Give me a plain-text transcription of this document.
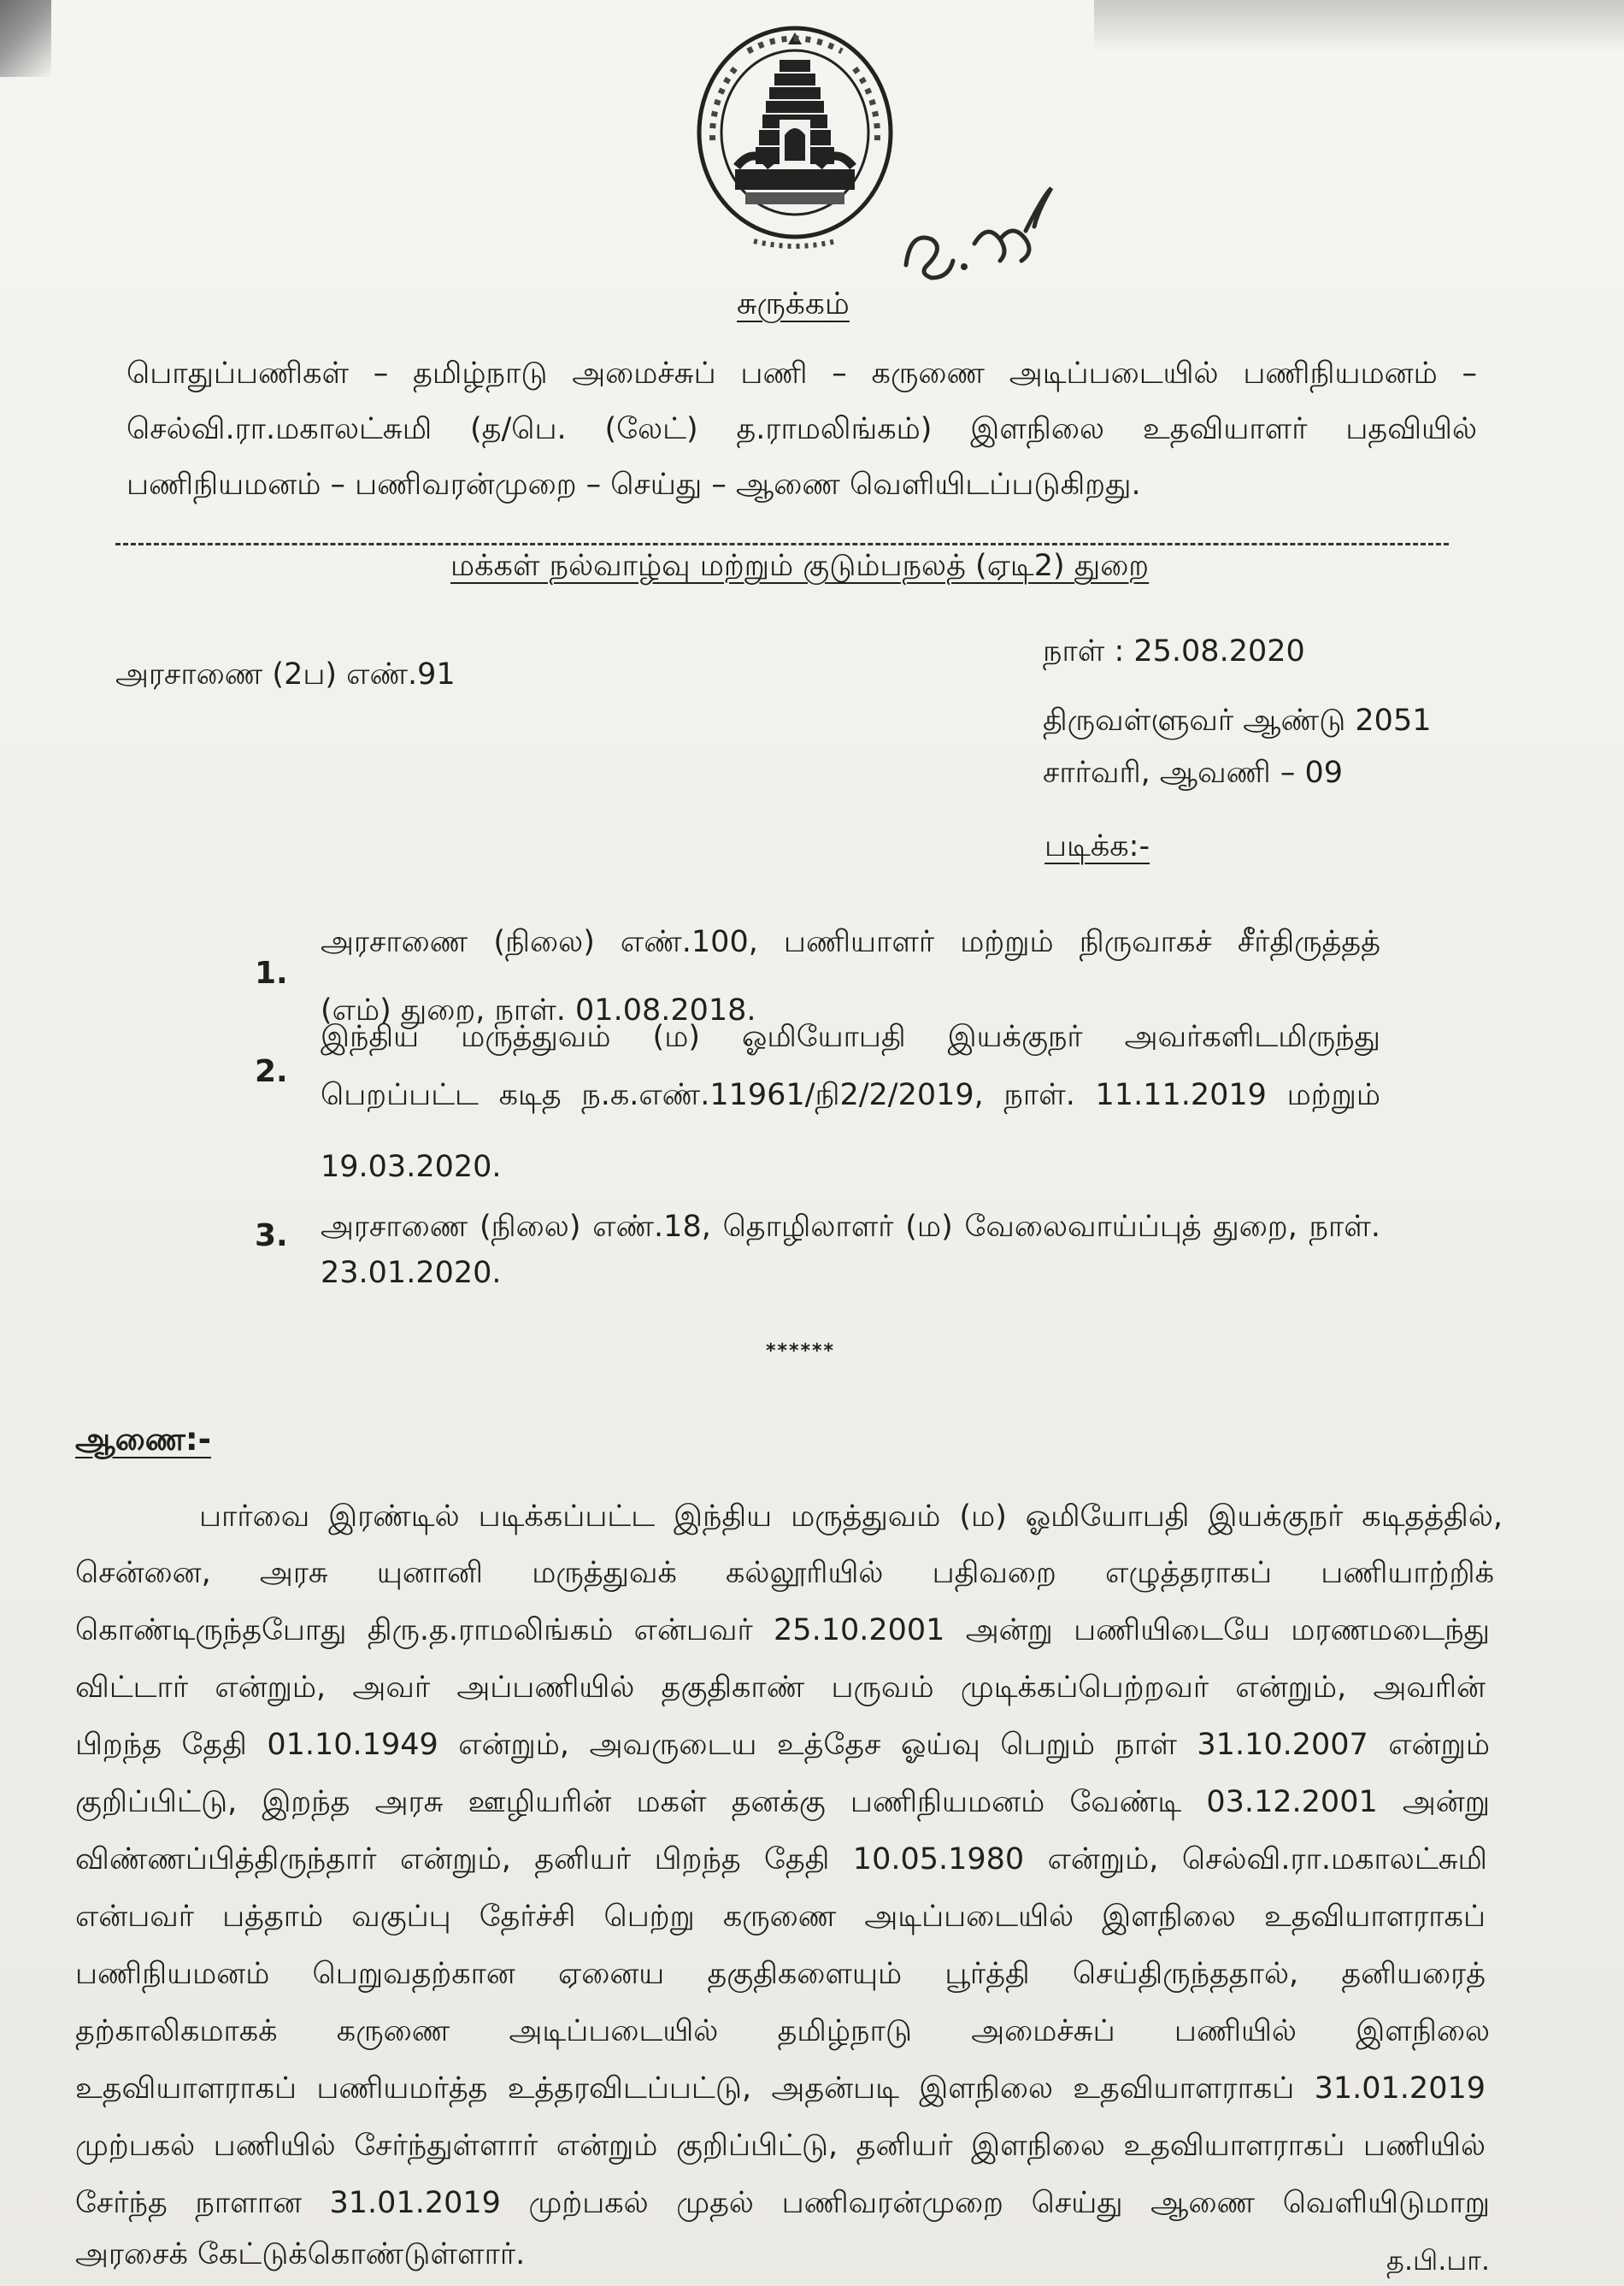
சுருக்கம்
பொதுப்பணிகள் – தமிழ்நாடு அமைச்சுப் பணி – கருணை அடிப்படையில் பணிநியமனம் –
செல்வி.ரா.மகாலட்சுமி (த/பெ. (லேட்) த.ராமலிங்கம்) இளநிலை உதவியாளர் பதவியில்
பணிநியமனம் – பணிவரன்முறை – செய்து – ஆணை வெளியிடப்படுகிறது.
மக்கள் நல்வாழ்வு மற்றும் குடும்பநலத் (ஏடி2) துறை
அரசாணை (2ப) எண்.91
நாள் : 25.08.2020
திருவள்ளுவர் ஆண்டு 2051
சார்வரி, ஆவணி – 09
படிக்க:-
1.
அரசாணை (நிலை) எண்.100, பணியாளர் மற்றும் நிருவாகச் சீர்திருத்தத்
(எம்) துறை, நாள். 01.08.2018.
2.
இந்திய மருத்துவம் (ம) ஓமியோபதி இயக்குநர் அவர்களிடமிருந்து
பெறப்பட்ட கடித ந.க.எண்.11961/நி2/2/2019, நாள். 11.11.2019 மற்றும்
19.03.2020.
3. அரசாணை (நிலை) எண்.18, தொழிலாளர் (ம) வேலைவாய்ப்புத் துறை, நாள்.
23.01.2020.
******
ஆணை:-
பார்வை இரண்டில் படிக்கப்பட்ட இந்திய மருத்துவம் (ம) ஓமியோபதி இயக்குநர் கடிதத்தில்,
சென்னை, அரசு யுனானி மருத்துவக் கல்லூரியில் பதிவறை எழுத்தராகப் பணியாற்றிக்
கொண்டிருந்தபோது திரு.த.ராமலிங்கம் என்பவர் 25.10.2001 அன்று பணியிடையே மரணமடைந்து
விட்டார் என்றும், அவர் அப்பணியில் தகுதிகாண் பருவம் முடிக்கப்பெற்றவர் என்றும், அவரின்
பிறந்த தேதி 01.10.1949 என்றும், அவருடைய உத்தேச ஓய்வு பெறும் நாள் 31.10.2007 என்றும்
குறிப்பிட்டு, இறந்த அரசு ஊழியரின் மகள் தனக்கு பணிநியமனம் வேண்டி 03.12.2001 அன்று
விண்ணப்பித்திருந்தார் என்றும், தனியர் பிறந்த தேதி 10.05.1980 என்றும், செல்வி.ரா.மகாலட்சுமி
என்பவர் பத்தாம் வகுப்பு தேர்ச்சி பெற்று கருணை அடிப்படையில் இளநிலை உதவியாளராகப்
பணிநியமனம் பெறுவதற்கான ஏனைய தகுதிகளையும் பூர்த்தி செய்திருந்ததால், தனியரைத்
தற்காலிகமாகக் கருணை அடிப்படையில் தமிழ்நாடு அமைச்சுப் பணியில் இளநிலை
உதவியாளராகப் பணியமர்த்த உத்தரவிடப்பட்டு, அதன்படி இளநிலை உதவியாளராகப் 31.01.2019
முற்பகல் பணியில் சேர்ந்துள்ளார் என்றும் குறிப்பிட்டு, தனியர் இளநிலை உதவியாளராகப் பணியில்
சேர்ந்த நாளான 31.01.2019 முற்பகல் முதல் பணிவரன்முறை செய்து ஆணை வெளியிடுமாறு
அரசைக் கேட்டுக்கொண்டுள்ளார்.	த.பி.பா.
